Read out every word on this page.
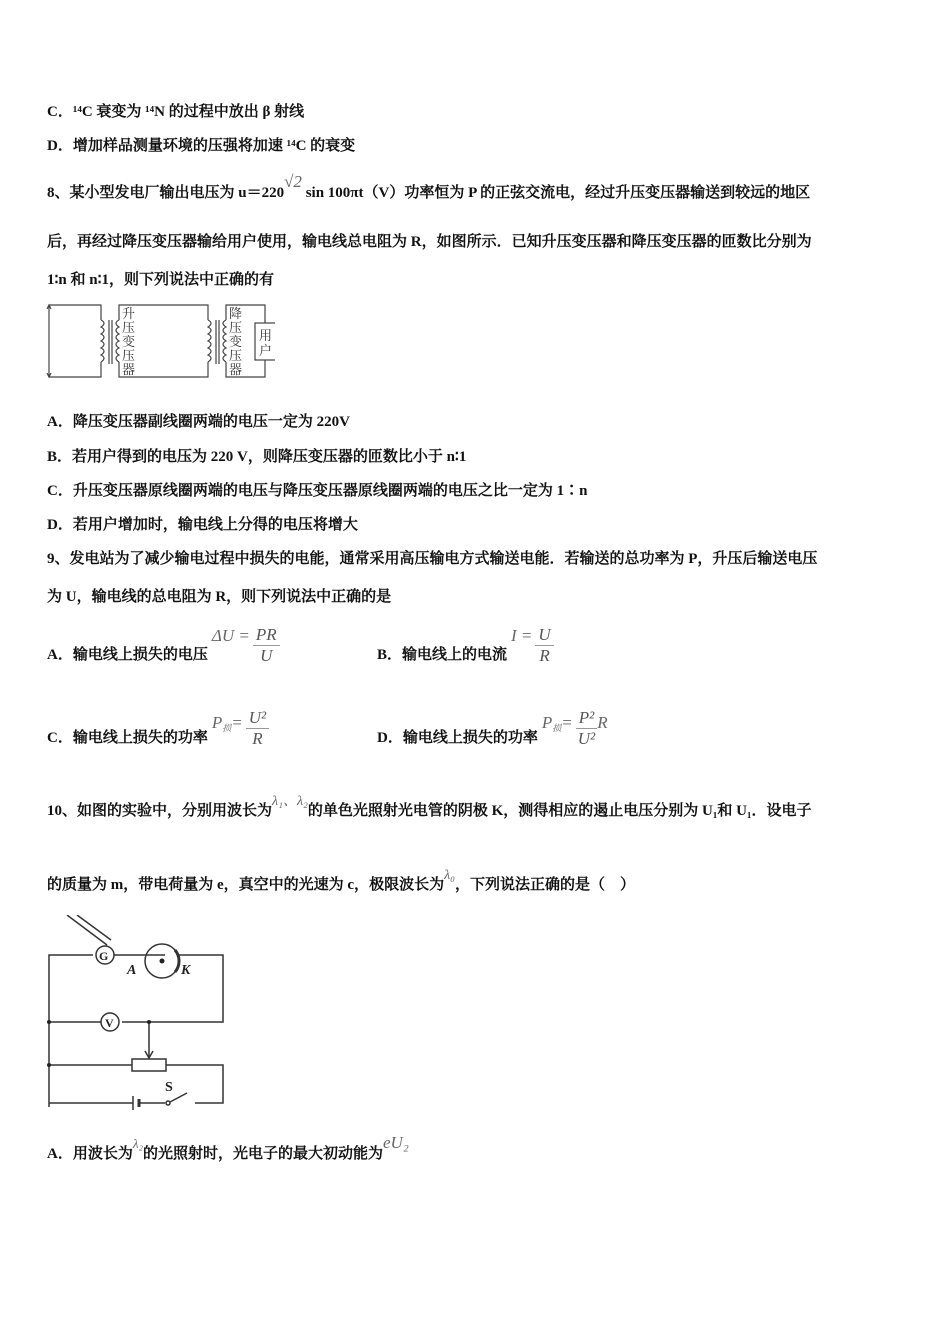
C．¹⁴C 衰变为 ¹⁴N 的过程中放出 β 射线
D．增加样品测量环境的压强将加速 ¹⁴C 的衰变
8、某小型发电厂输出电压为 u＝220√2 sin 100πt（V）功率恒为 P 的正弦交流电，经过升压变压器输送到较远的地区
后，再经过降压变压器输给用户使用，输电线总电阻为 R，如图所示．已知升压变压器和降压变压器的匝数比分别为
1∶n 和 n∶1，则下列说法中正确的有
升
压
变
压
器
降
压
变
压
器
用
户
A．降压变压器副线圈两端的电压一定为 220V
B．若用户得到的电压为 220 V，则降压变压器的匝数比小于 n∶1
C．升压变压器原线圈两端的电压与降压变压器原线圈两端的电压之比一定为 1∶n
D．若用户增加时，输电线上分得的电压将增大
9、发电站为了减少输电过程中损失的电能，通常采用高压输电方式输送电能．若输送的总功率为 P，升压后输送电压
为 U，输电线的总电阻为 R，则下列说法中正确的是
A．输电线上损失的电压$\Delta U = \frac{PR}{U}$	B．输电线上的电流$I = \frac{U}{R}$
C．输电线上损失的功率$P_损= \frac{\text{U²}}{R}$	D．输电线上损失的功率$P_损= \frac{\text{P²}}{\text{U²}}$ R
10、如图的实验中，分别用波长为λ₁、λ₂的单色光照射光电管的阴极 K，测得相应的遏止电压分别为 U₁和 U₁．设电子
的质量为 m，带电荷量为 e，真空中的光速为 c，极限波长为λ₀，下列说法正确的是（　）
G
V
A	K
S
A．用波长为λ₂的光照射时，光电子的最大初动能为eU₂
